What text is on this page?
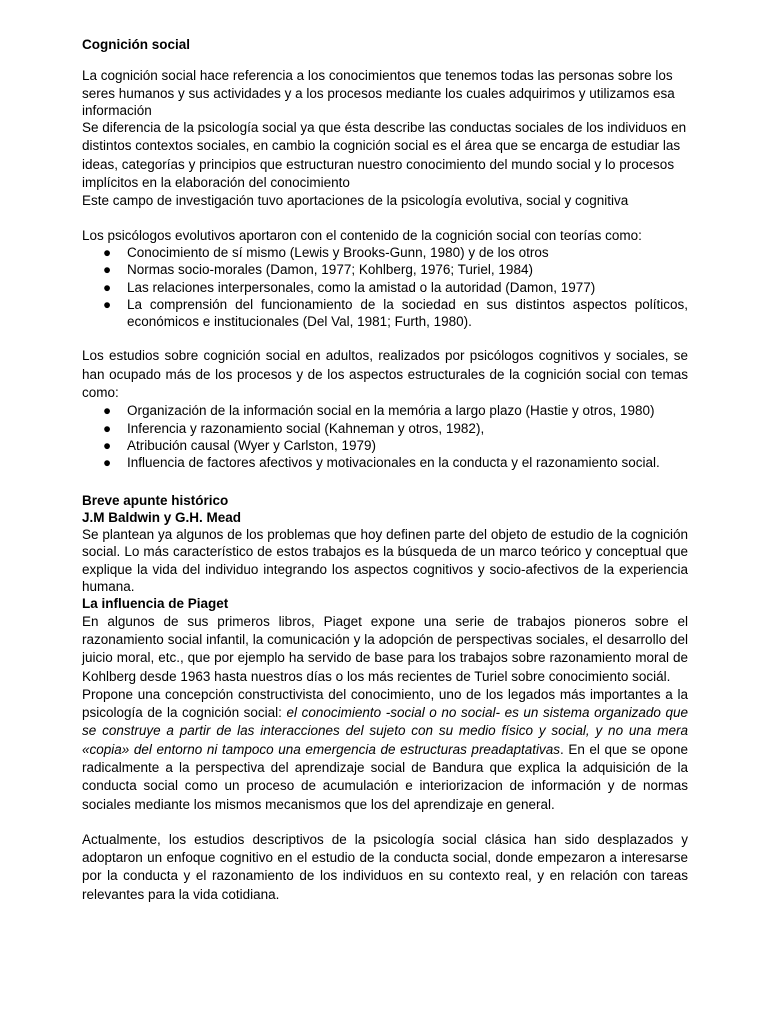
Cognición social

La cognición social hace referencia a los conocimientos que tenemos todas las personas sobre los seres humanos y sus actividades y a los procesos mediante los cuales adquirimos y utilizamos esa información

Se diferencia de la psicología social ya que ésta describe las conductas sociales de los individuos en distintos contextos sociales, en cambio la cognición social es el área que se encarga de estudiar las ideas, categorías y principios que estructuran nuestro conocimiento del mundo social y lo procesos implícitos en la elaboración del conocimiento

Este campo de investigación tuvo aportaciones de la psicología evolutiva, social y cognitiva

Los psicólogos evolutivos aportaron con el contenido de la cognición social con teorías como:

● Conocimiento de sí mismo (Lewis y Brooks-Gunn, 1980) y de los otros
● Normas socio-morales (Damon, 1977; Kohlberg, 1976; Turiel, 1984)
● Las relaciones interpersonales, como la amistad o la autoridad (Damon, 1977)
● La comprensión del funcionamiento de la sociedad en sus distintos aspectos políticos, económicos e institucionales (Del Val, 1981; Furth, 1980).

Los estudios sobre cognición social en adultos, realizados por psicólogos cognitivos y sociales, se han ocupado más de los procesos y de los aspectos estructurales de la cognición social con temas como:

● Organización de la información social en la memória a largo plazo (Hastie y otros, 1980)
● Inferencia y razonamiento social (Kahneman y otros, 1982),
● Atribución causal (Wyer y Carlston, 1979)
● Influencia de factores afectivos y motivacionales en la conducta y el razonamiento social.

Breve apunte histórico

J.M Baldwin y G.H. Mead

Se plantean ya algunos de los problemas que hoy definen parte del objeto de estudio de la cognición social. Lo más característico de estos trabajos es la búsqueda de un marco teórico y conceptual que explique la vida del individuo integrando los aspectos cognitivos y socio-afectivos de la experiencia humana.

La influencia de Piaget

En algunos de sus primeros libros, Piaget expone una serie de trabajos pioneros sobre el razonamiento social infantil, la comunicación y la adopción de perspectivas sociales, el desarrollo del juicio moral, etc., que por ejemplo ha servido de base para los trabajos sobre razonamiento moral de Kohlberg desde 1963 hasta nuestros días o los más recientes de Turiel sobre conocimiento sociál.

Propone una concepción constructivista del conocimiento, uno de los legados más importantes a la psicología de la cognición social: el conocimiento -social o no social- es un sistema organizado que se construye a partir de las interacciones del sujeto con su medio físico y social, y no una mera «copia» del entorno ni tampoco una emergencia de estructuras preadaptativas. En el que se opone radicalmente a la perspectiva del aprendizaje social de Bandura que explica la adquisición de la conducta social como un proceso de acumulación e interiorizacion de información y de normas sociales mediante los mismos mecanismos que los del aprendizaje en general.

Actualmente, los estudios descriptivos de la psicología social clásica han sido desplazados y adoptaron un enfoque cognitivo en el estudio de la conducta social, donde empezaron a interesarse por la conducta y el razonamiento de los individuos en su contexto real, y en relación con tareas relevantes para la vida cotidiana.
